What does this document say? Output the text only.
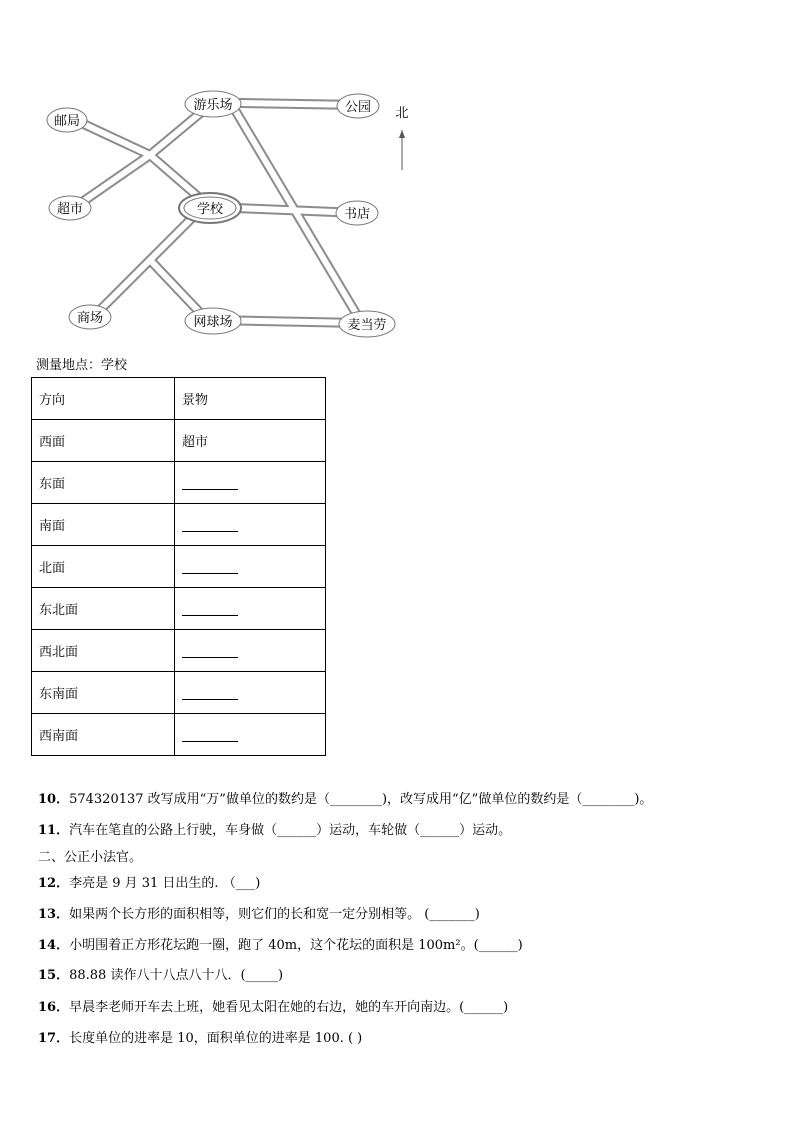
邮局
游乐场	公园
超市	学校	书店
商场	网球场	麦当劳
北
测量地点：学校
方向	景物
西面	超市
东面	
南面	
北面	
东北面	
西北面	
东南面	
西南面	
10．574320137 改写成用“万”做单位的数约是（________)，改写成用“亿”做单位的数约是（________)。
11．汽车在笔直的公路上行驶，车身做（______）运动，车轮做（______）运动。
二、公正小法官。
12．李亮是 9 月 31 日出生的. （___)
13．如果两个长方形的面积相等，则它们的长和宽一定分别相等。 (_______)
14．小明围着正方形花坛跑一圈，跑了 40m，这个花坛的面积是 100m²。(______)
15．88.88 读作八十八点八十八．(_____)
16．早晨李老师开车去上班，她看见太阳在她的右边，她的车开向南边。(______)
17．长度单位的进率是 10，面积单位的进率是 100. ( )
